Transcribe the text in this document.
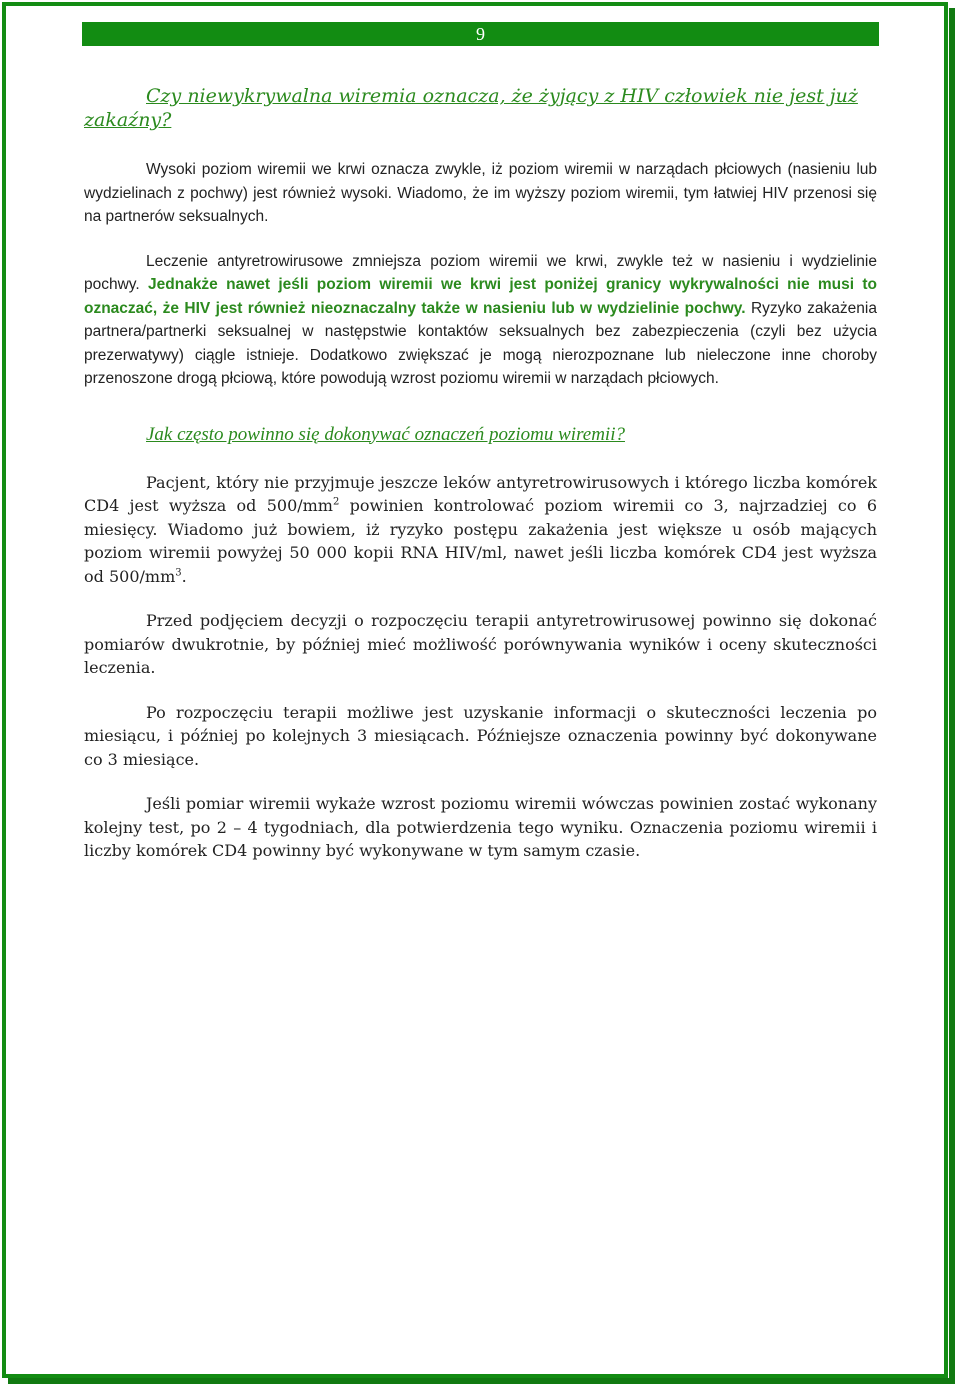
9
Czy niewykrywalna wiremia oznacza, że żyjący z HIV człowiek nie jest już zakaźny?

Wysoki poziom wiremii we krwi oznacza zwykle, iż poziom wiremii w narządach płciowych (nasieniu lub wydzielinach z pochwy) jest również wysoki. Wiadomo, że im wyższy poziom wiremii, tym łatwiej HIV przenosi się na partnerów seksualnych.

Leczenie antyretrowirusowe zmniejsza poziom wiremii we krwi, zwykle też w nasieniu i wydzielinie pochwy. Jednakże nawet jeśli poziom wiremii we krwi jest poniżej granicy wykrywalności nie musi to oznaczać, że HIV jest również nieoznaczalny także w nasieniu lub w wydzielinie pochwy. Ryzyko zakażenia partnera/partnerki seksualnej w następstwie kontaktów seksualnych bez zabezpieczenia (czyli bez użycia prezerwatywy) ciągle istnieje. Dodatkowo zwiększać je mogą nierozpoznane lub nieleczone inne choroby przenoszone drogą płciową, które powodują wzrost poziomu wiremii w narządach płciowych.

Jak często powinno się dokonywać oznaczeń poziomu wiremii?

Pacjent, który nie przyjmuje jeszcze leków antyretrowirusowych i którego liczba komórek CD4 jest wyższa od $500/mm^2$ powinien kontrolować poziom wiremii co 3, najrzadziej co 6 miesięcy. Wiadomo już bowiem, iż ryzyko postępu zakażenia jest większe u osób mających poziom wiremii powyżej 50 000 kopii RNA HIV/ml, nawet jeśli liczba komórek CD4 jest wyższa od $500/mm^3$.

Przed podjęciem decyzji o rozpoczęciu terapii antyretrowirusowej powinno się dokonać pomiarów dwukrotnie, by później mieć możliwość porównywania wyników i oceny skuteczności leczenia.

Po rozpoczęciu terapii możliwe jest uzyskanie informacji o skuteczności leczenia po miesiącu, i później po kolejnych 3 miesiącach. Późniejsze oznaczenia powinny być dokonywane co 3 miesiące.

Jeśli pomiar wiremii wykaże wzrost poziomu wiremii wówczas powinien zostać wykonany kolejny test, po 2 – 4 tygodniach, dla potwierdzenia tego wyniku. Oznaczenia poziomu wiremii i liczby komórek CD4 powinny być wykonywane w tym samym czasie.
